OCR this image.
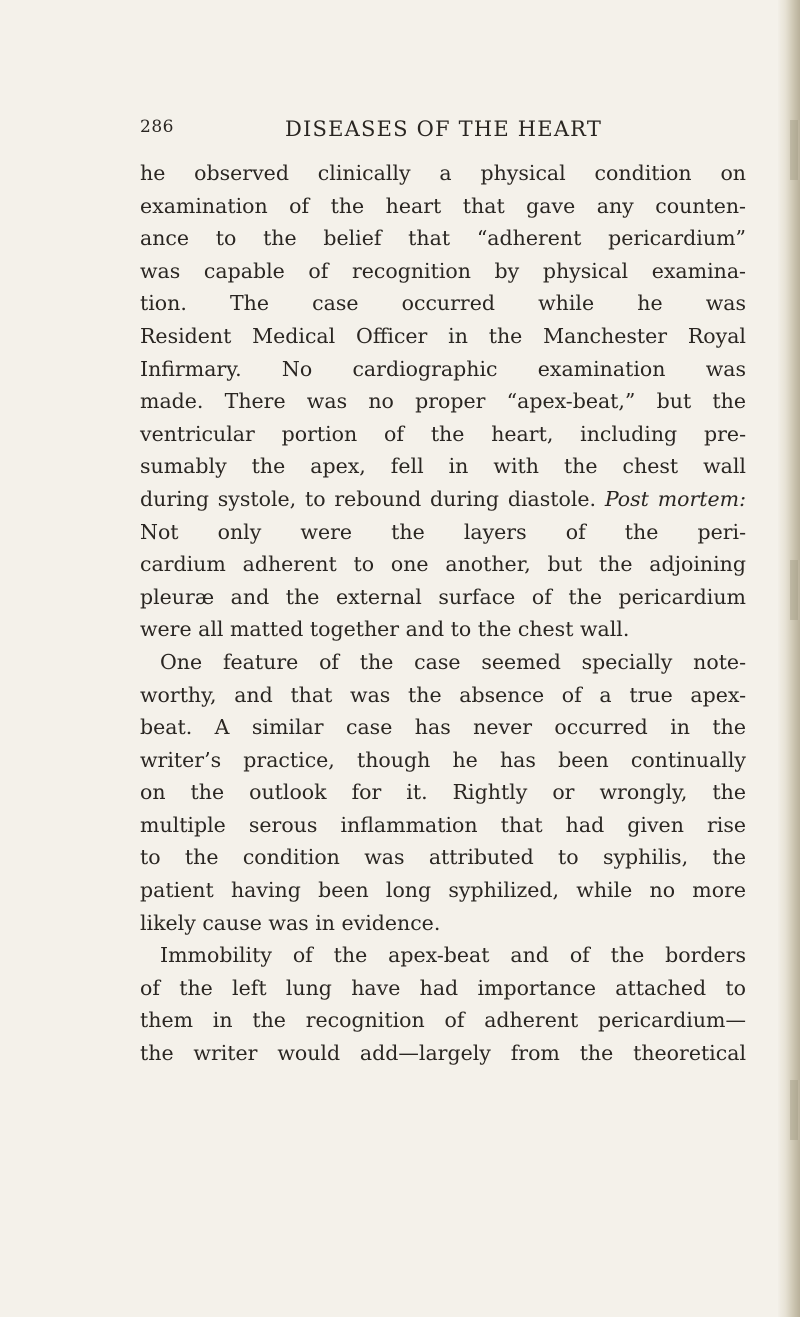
286	DISEASES OF THE HEART
he observed clinically a physical condition on
examination of the heart that gave any counten-
ance to the belief that “adherent pericardium”
was capable of recognition by physical examina-
tion. The case occurred while he was
Resident Medical Officer in the Manchester Royal
Infirmary. No cardiographic examination was
made. There was no proper “apex-beat,” but the
ventricular portion of the heart, including pre-
sumably the apex, fell in with the chest wall
during systole, to rebound during diastole. Post mortem:
Not only were the layers of the peri-
cardium adherent to one another, but the adjoining
pleuræ and the external surface of the pericardium
were all matted together and to the chest wall.
One feature of the case seemed specially note-
worthy, and that was the absence of a true apex-
beat. A similar case has never occurred in the
writer’s practice, though he has been continually
on the outlook for it. Rightly or wrongly, the
multiple serous inflammation that had given rise
to the condition was attributed to syphilis, the
patient having been long syphilized, while no more
likely cause was in evidence.
Immobility of the apex-beat and of the borders
of the left lung have had importance attached to
them in the recognition of adherent pericardium—
the writer would add—largely from the theoretical
